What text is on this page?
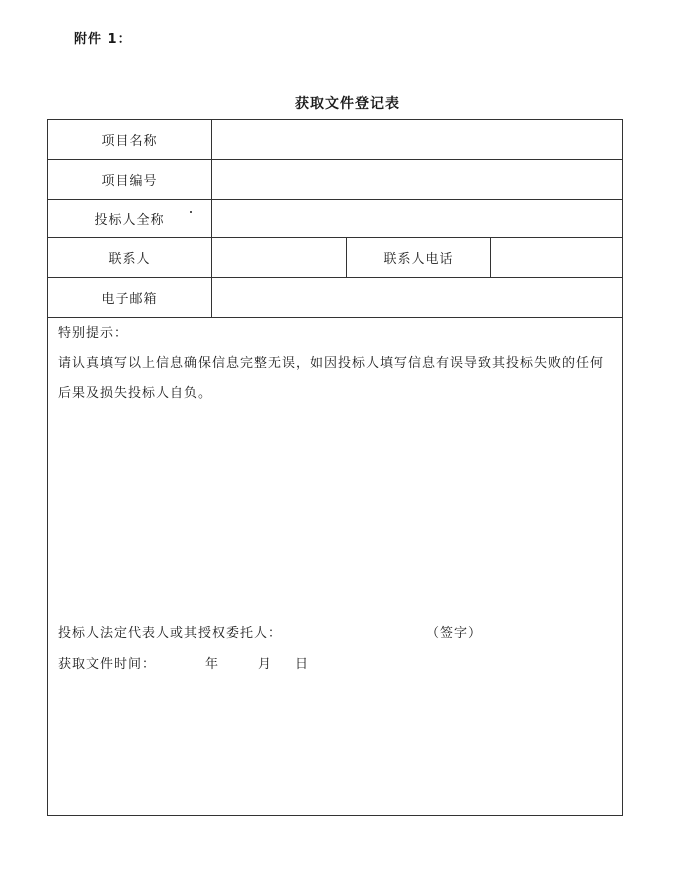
附件 1：
获取文件登记表
项目名称
项目编号
投标人全称
联系人	联系人电话
电子邮箱
特别提示：
请认真填写以上信息确保信息完整无误，如因投标人填写信息有误导致其投标失败的任何后果及损失投标人自负。
投标人法定代表人或其授权委托人：	（签字）
获取文件时间：	年	月 日
